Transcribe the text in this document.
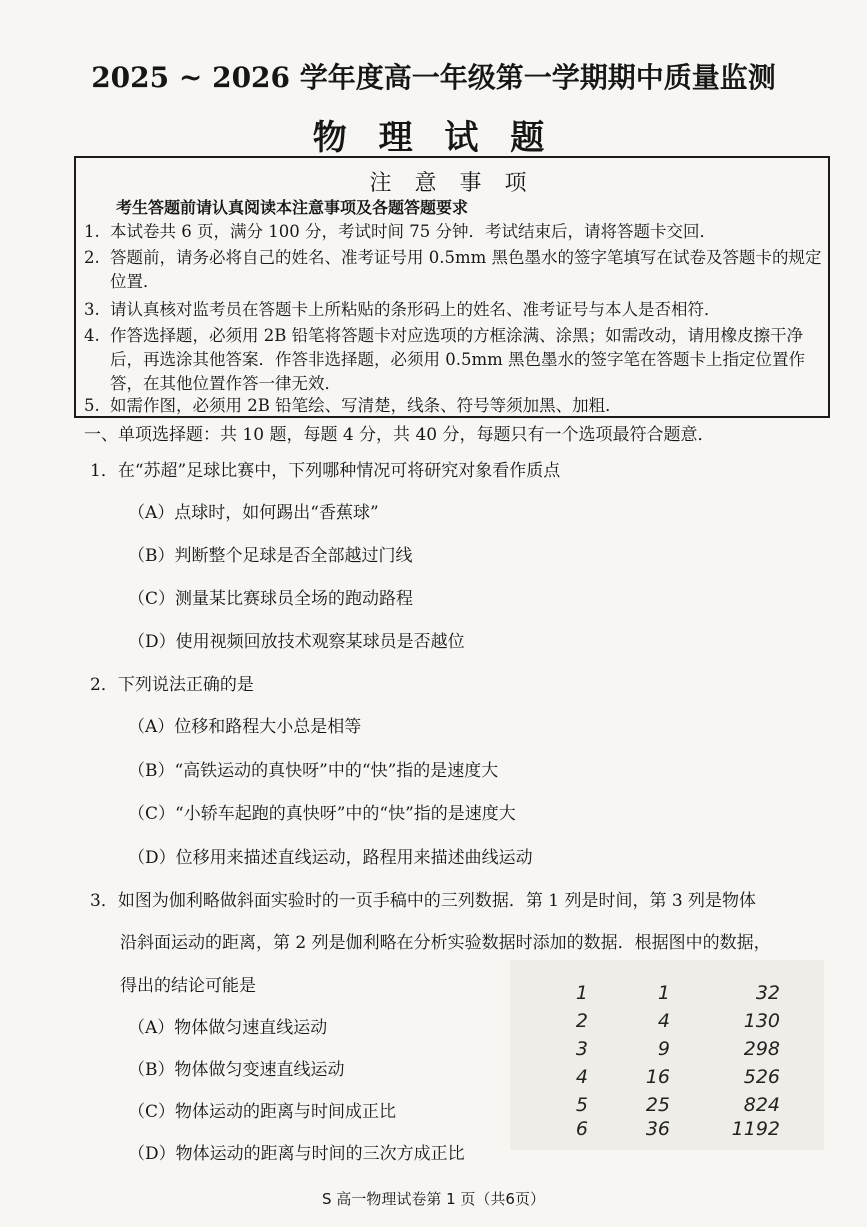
2025 ~ 2026 学年度高一年级第一学期期中质量监测
物 理 试 题
注 意 事 项
考生答题前请认真阅读本注意事项及各题答题要求
1. 本试卷共 6 页，满分 100 分，考试时间 75 分钟．考试结束后，请将答题卡交回．
2. 答题前，请务必将自己的姓名、准考证号用 0.5mm 黑色墨水的签字笔填写在试卷及答题卡的规定位置．
3. 请认真核对监考员在答题卡上所粘贴的条形码上的姓名、准考证号与本人是否相符．
4. 作答选择题，必须用 2B 铅笔将答题卡对应选项的方框涂满、涂黑；如需改动，请用橡皮擦干净后，再选涂其他答案．作答非选择题，必须用 0.5mm 黑色墨水的签字笔在答题卡上指定位置作答，在其他位置作答一律无效．
5. 如需作图，必须用 2B 铅笔绘、写清楚，线条、符号等须加黑、加粗．
一、单项选择题：共 10 题，每题 4 分，共 40 分，每题只有一个选项最符合题意．
1．在“苏超”足球比赛中，下列哪种情况可将研究对象看作质点
（A）点球时，如何踢出“香蕉球”
（B）判断整个足球是否全部越过门线
（C）测量某比赛球员全场的跑动路程
（D）使用视频回放技术观察某球员是否越位
2．下列说法正确的是
（A）位移和路程大小总是相等
（B）“高铁运动的真快呀”中的“快”指的是速度大
（C）“小轿车起跑的真快呀”中的“快”指的是速度大
（D）位移用来描述直线运动，路程用来描述曲线运动
3．如图为伽利略做斜面实验时的一页手稿中的三列数据．第 1 列是时间，第 3 列是物体
沿斜面运动的距离，第 2 列是伽利略在分析实验数据时添加的数据．根据图中的数据，
得出的结论可能是
（A）物体做匀速直线运动
（B）物体做匀变速直线运动
（C）物体运动的距离与时间成正比
（D）物体运动的距离与时间的三次方成正比
1	1	32
2	4	130
3	9	298
4	16	526
5	25	824
6	36	1192
S 高一物理试卷第 1 页（共6页）
